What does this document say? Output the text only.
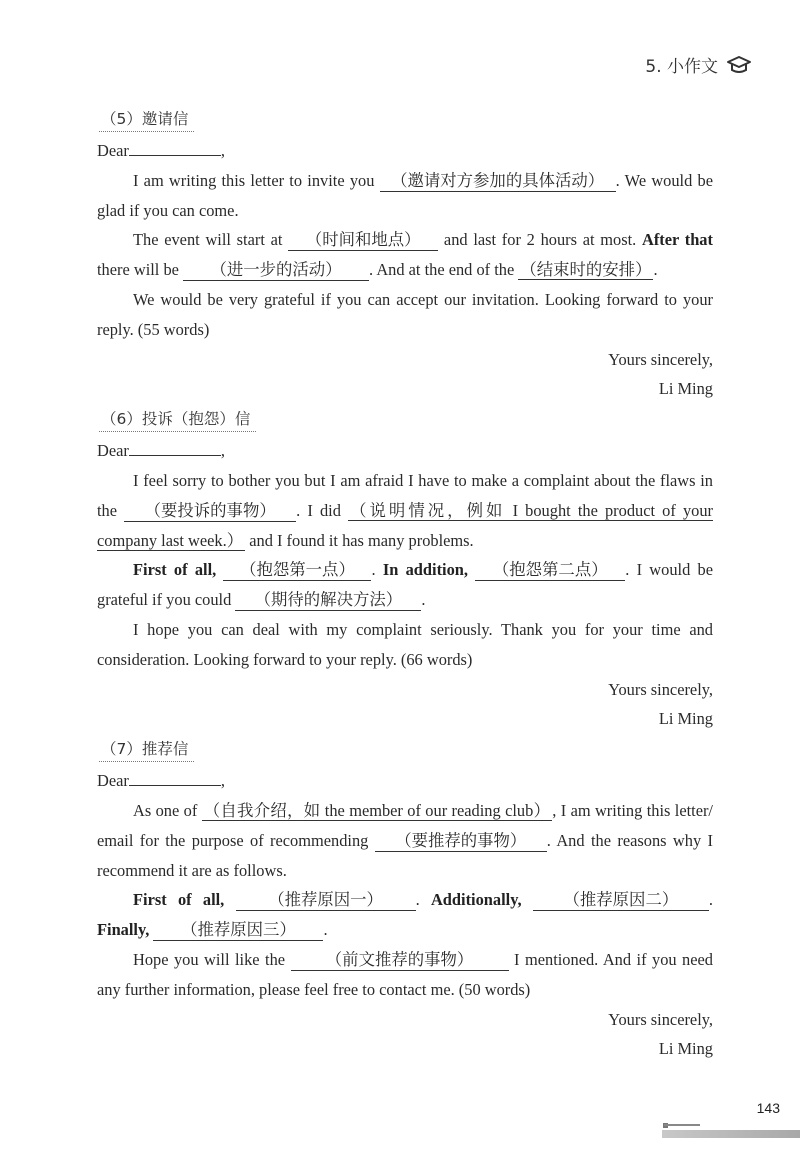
5. 小作文
（5）邀请信

Dear	,

I am writing this letter to invite you （邀请对方参加的具体活动） . We would be glad if you can come.

The event will start at （时间和地点） and last for 2 hours at most. After that there will be （进一步的活动） . And at the end of the （结束时的安排） .

We would be very grateful if you can accept our invitation. Looking forward to your reply. (55 words)

Yours sincerely,

Li Ming

（6）投诉（抱怨）信

Dear	,

I feel sorry to bother you but I am afraid I have to make a complaint about the flaws in the （要投诉的事物） . I did （说明情况，例如 I bought the product of your company last week.） and I found it has many problems.

First of all, （抱怨第一点） . In addition, （抱怨第二点） . I would be grateful if you could （期待的解决方法） .

I hope you can deal with my complaint seriously. Thank you for your time and consideration. Looking forward to your reply. (66 words)

Yours sincerely,

Li Ming

（7）推荐信

Dear	,

As one of （自我介绍，如 the member of our reading club） , I am writing this letter/ email for the purpose of recommending （要推荐的事物） . And the reasons why I recommend it are as follows.

First of all,	（推荐原因一） . Additionally,	（推荐原因二） . Finally, （推荐原因三） .

Hope you will like the （前文推荐的事物） I mentioned. And if you need any further information, please feel free to contact me. (50 words)

Yours sincerely,

Li Ming

143
